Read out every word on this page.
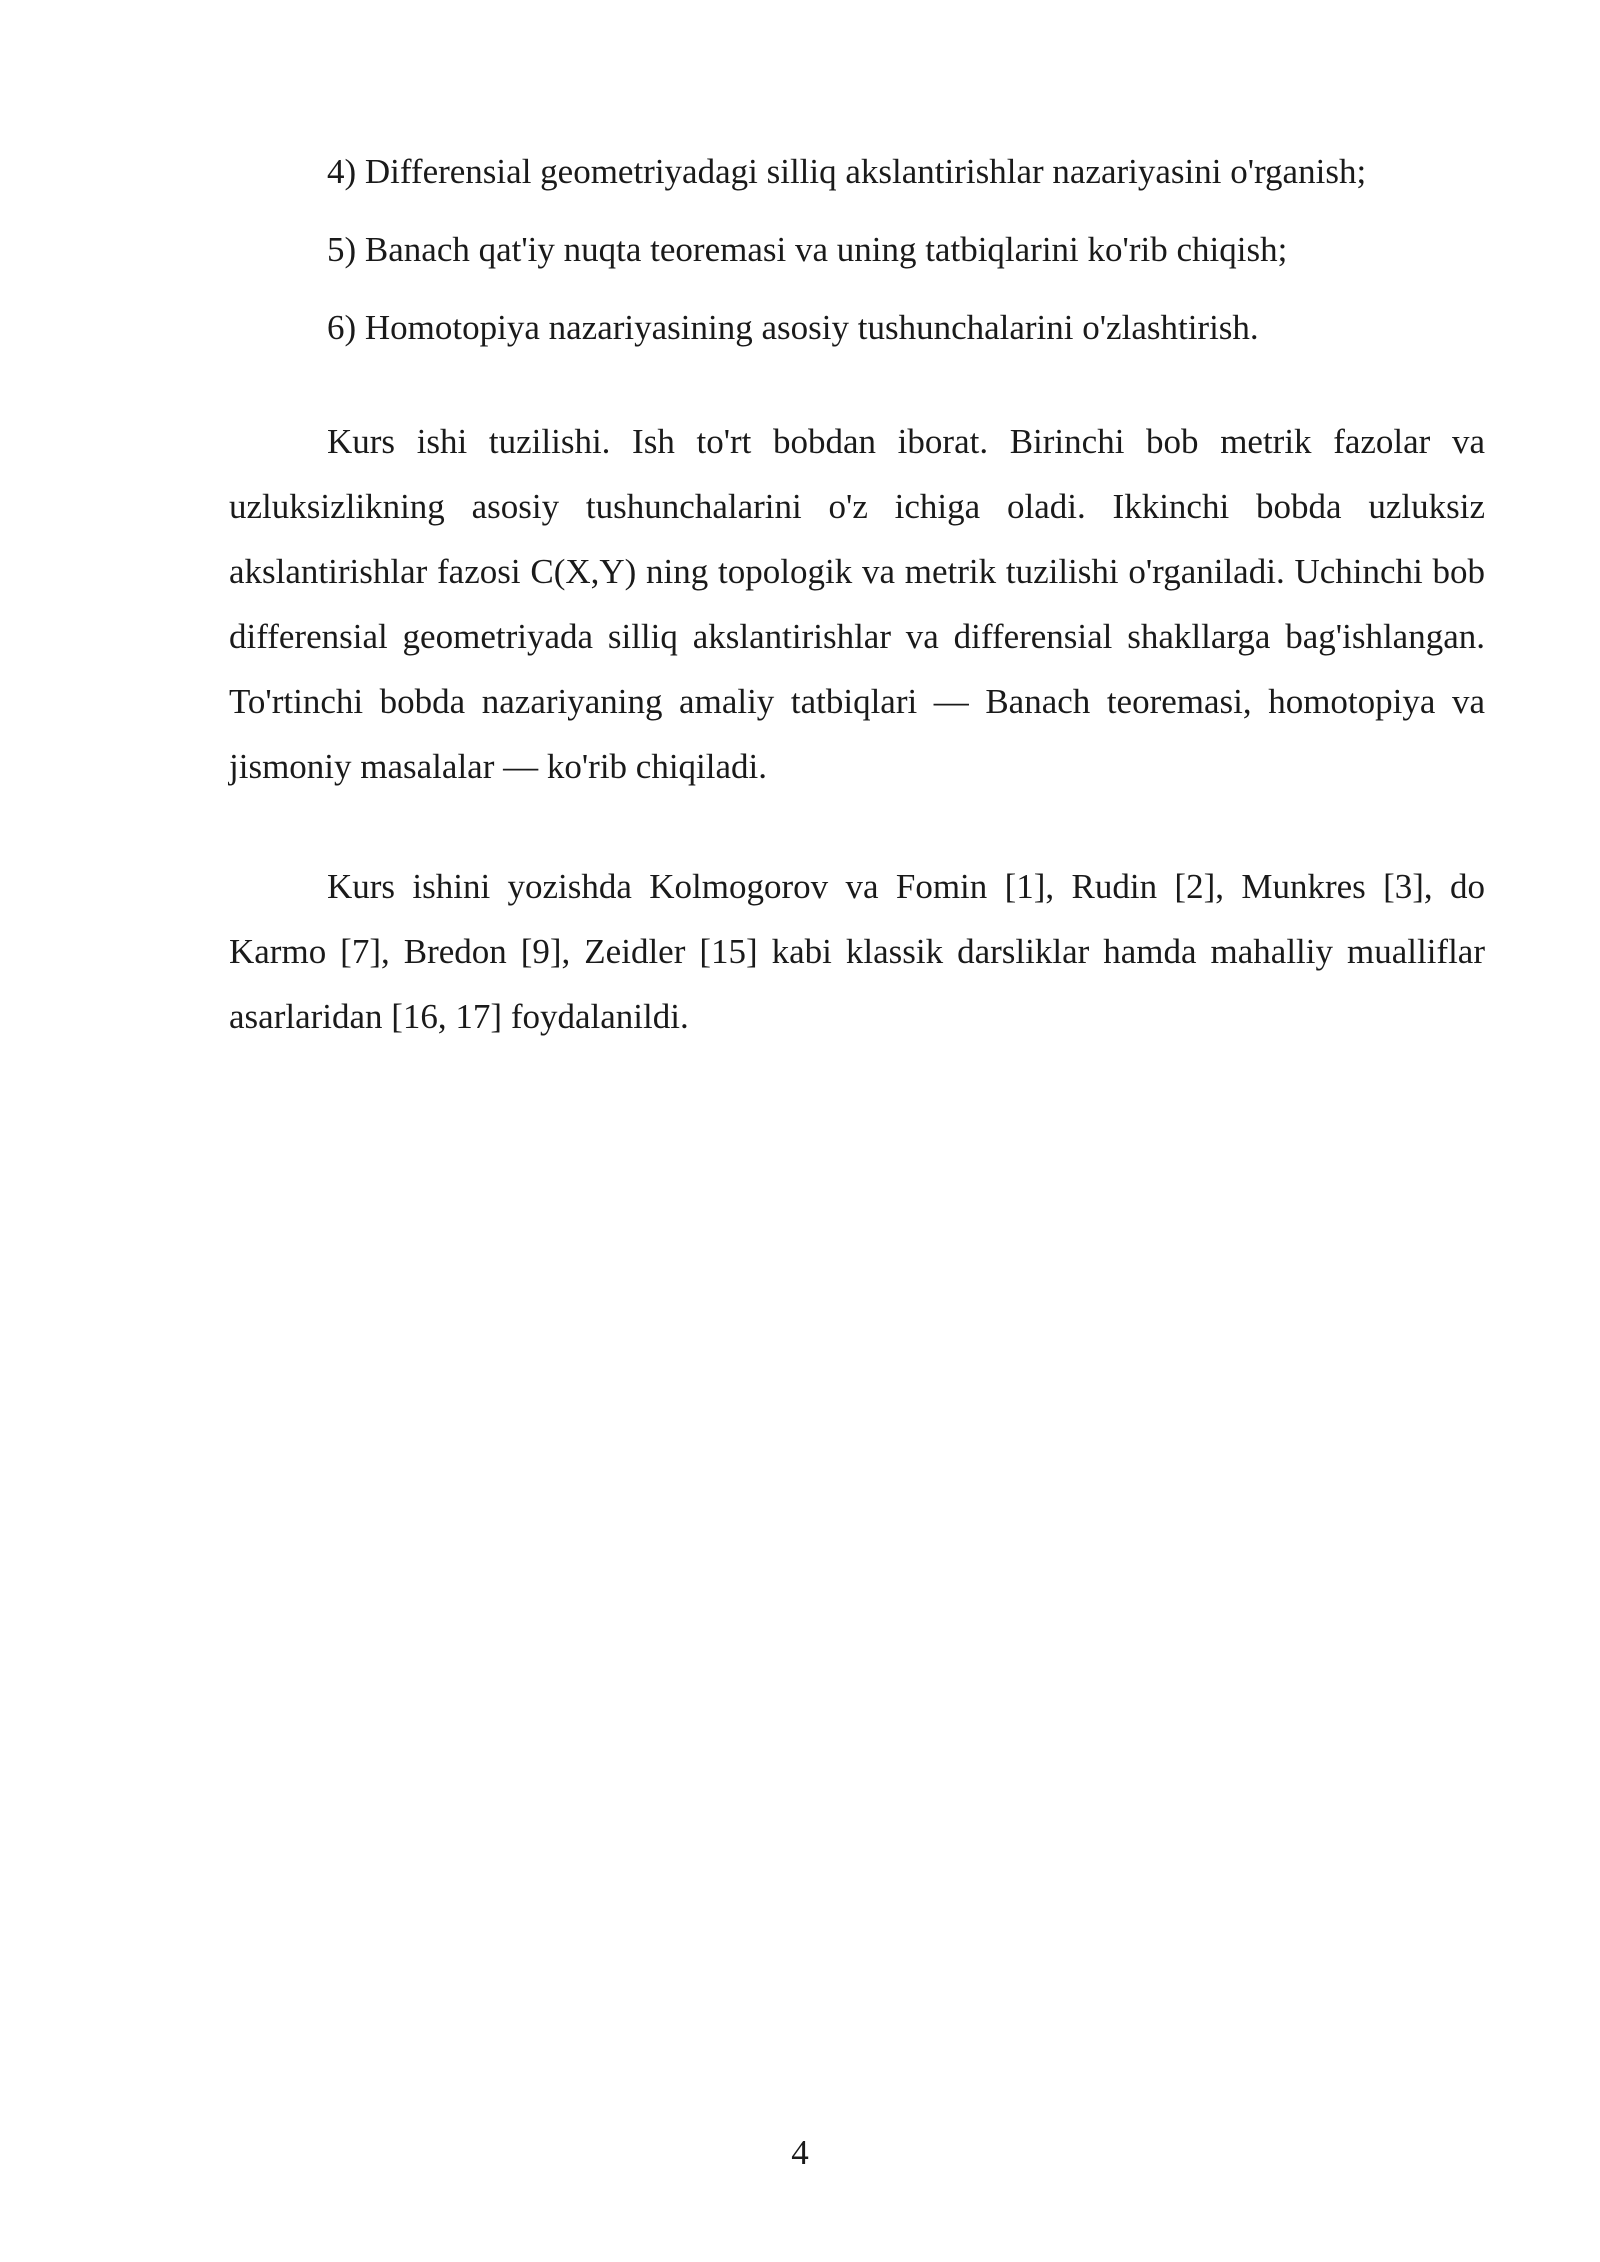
4) Differensial geometriyadagi silliq akslantirishlar nazariyasini o'rganish;

5) Banach qat'iy nuqta teoremasi va uning tatbiqlarini ko'rib chiqish;

6) Homotopiya nazariyasining asosiy tushunchalarini o'zlashtirish.

Kurs ishi tuzilishi. Ish to'rt bobdan iborat. Birinchi bob metrik fazolar va uzluksizlikning asosiy tushunchalarini o'z ichiga oladi. Ikkinchi bobda uzluksiz akslantirishlar fazosi C(X,Y) ning topologik va metrik tuzilishi o'rganiladi. Uchinchi bob differensial geometriyada silliq akslantirishlar va differensial shakllarga bag'ishlangan. To'rtinchi bobda nazariyaning amaliy tatbiqlari — Banach teoremasi, homotopiya va jismoniy masalalar — ko'rib chiqiladi.

Kurs ishini yozishda Kolmogorov va Fomin [1], Rudin [2], Munkres [3], do Karmo [7], Bredon [9], Zeidler [15] kabi klassik darsliklar hamda mahalliy mualliflar asarlaridan [16, 17] foydalanildi.

4
